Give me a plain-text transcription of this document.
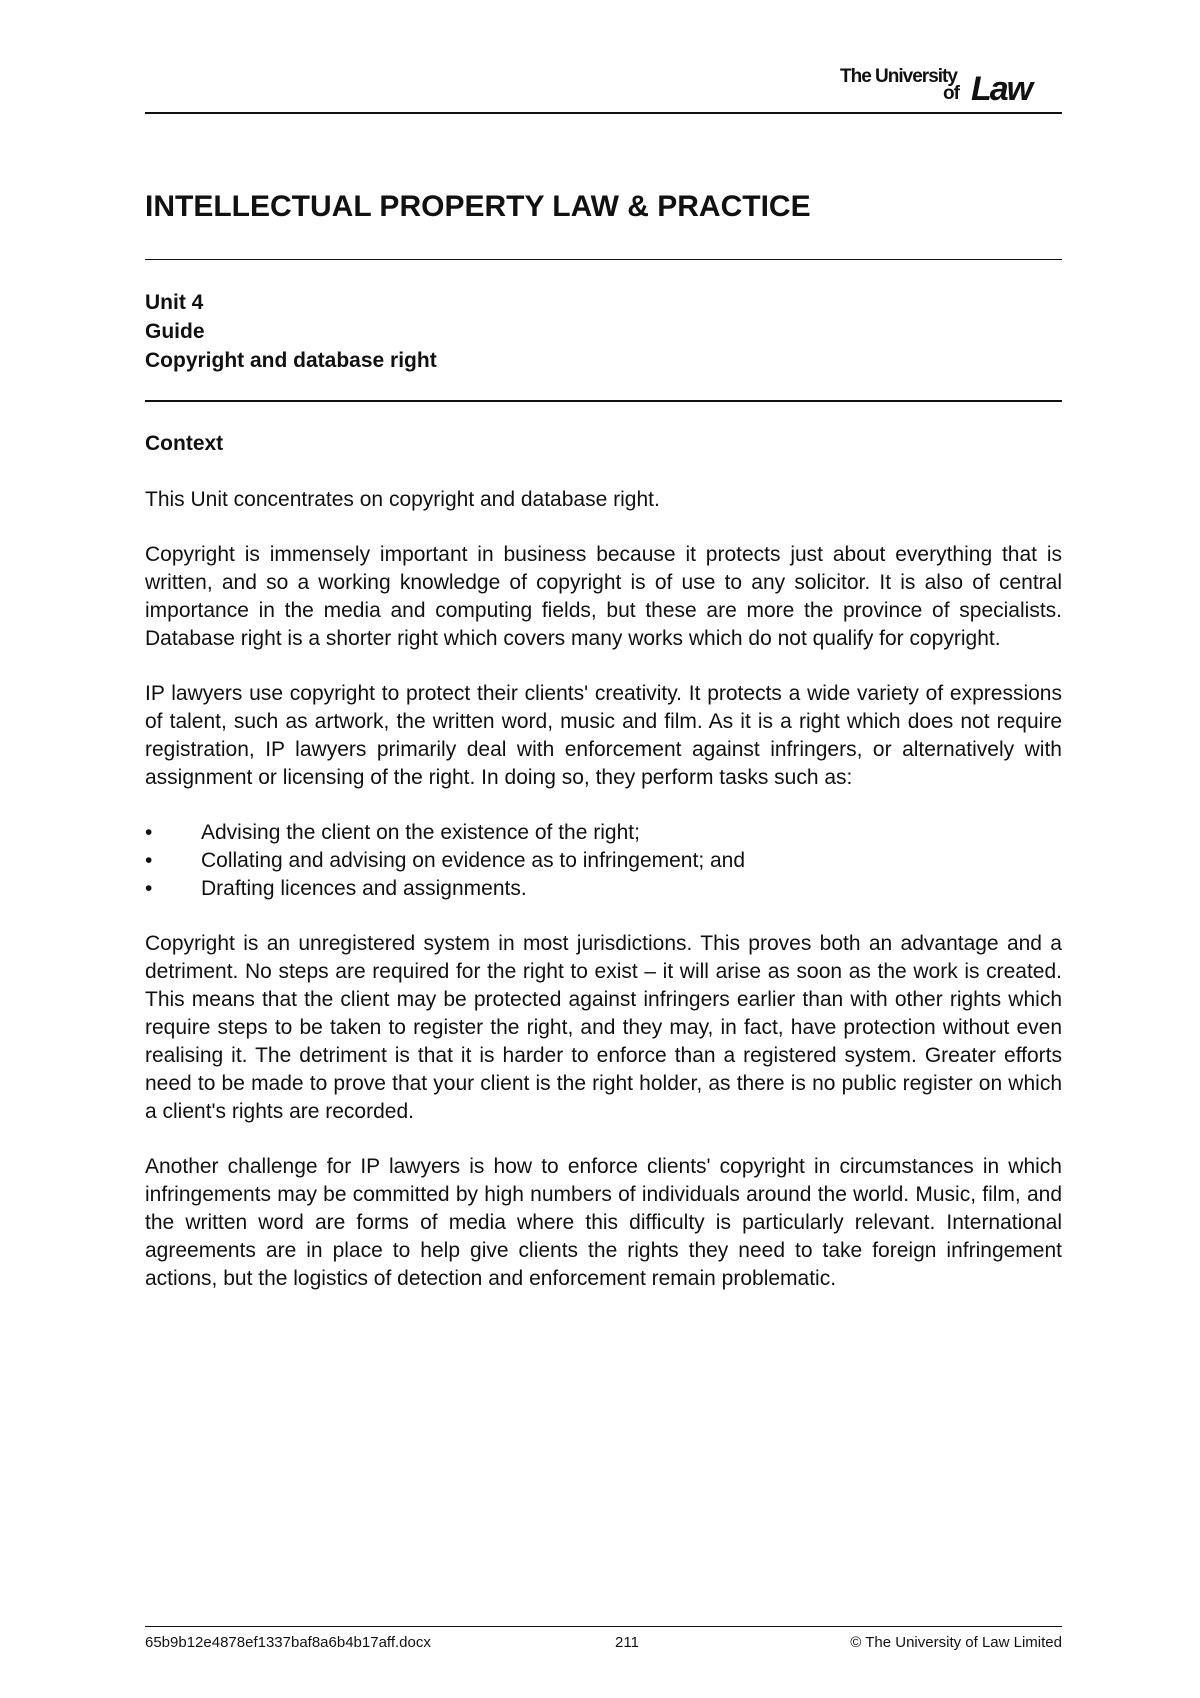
The University
of Law
INTELLECTUAL PROPERTY LAW & PRACTICE
Unit 4
Guide
Copyright and database right
Context

This Unit concentrates on copyright and database right.

Copyright is immensely important in business because it protects just about everything that is written, and so a working knowledge of copyright is of use to any solicitor. It is also of central importance in the media and computing fields, but these are more the province of specialists. Database right is a shorter right which covers many works which do not qualify for copyright.

IP lawyers use copyright to protect their clients' creativity. It protects a wide variety of expressions of talent, such as artwork, the written word, music and film. As it is a right which does not require registration, IP lawyers primarily deal with enforcement against infringers, or alternatively with assignment or licensing of the right. In doing so, they perform tasks such as:

• Advising the client on the existence of the right;
• Collating and advising on evidence as to infringement; and
• Drafting licences and assignments.

Copyright is an unregistered system in most jurisdictions. This proves both an advantage and a detriment. No steps are required for the right to exist – it will arise as soon as the work is created. This means that the client may be protected against infringers earlier than with other rights which require steps to be taken to register the right, and they may, in fact, have protection without even realising it. The detriment is that it is harder to enforce than a registered system. Greater efforts need to be made to prove that your client is the right holder, as there is no public register on which a client's rights are recorded.

Another challenge for IP lawyers is how to enforce clients' copyright in circumstances in which infringements may be committed by high numbers of individuals around the world. Music, film, and the written word are forms of media where this difficulty is particularly relevant. International agreements are in place to help give clients the rights they need to take foreign infringement actions, but the logistics of detection and enforcement remain problematic.

65b9b12e4878ef1337baf8a6b4b17aff.docx	211	© The University of Law Limited
